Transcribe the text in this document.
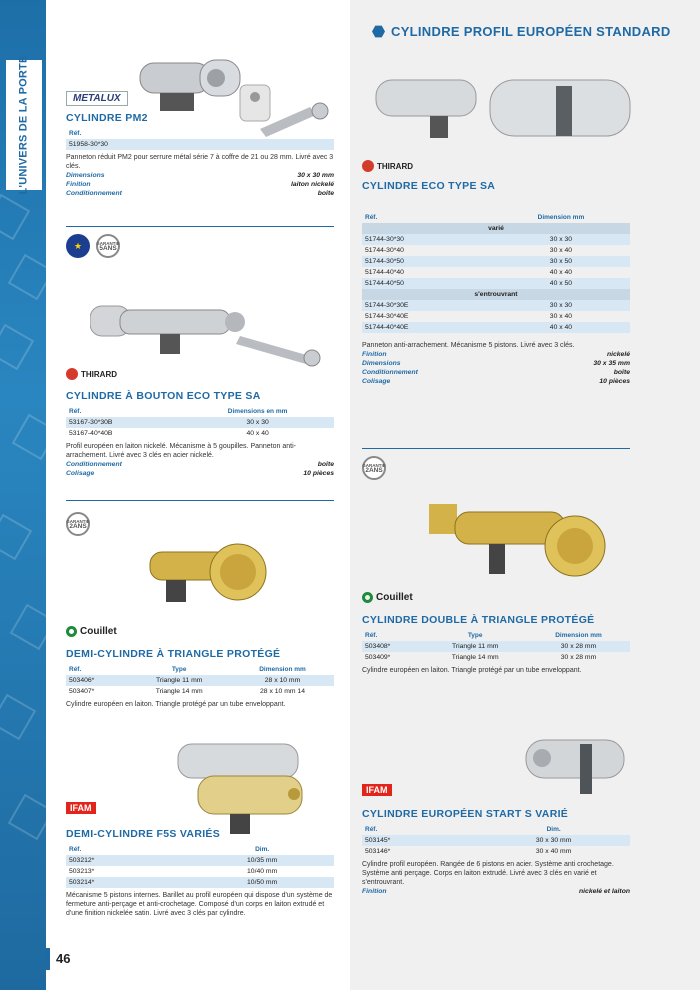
L'UNIVERS DE LA PORTE
46
CYLINDRE PROFIL EUROPÉEN STANDARD
METALUX
CYLINDRE PM2
Réf.
51958-30*30
Panneton réduit PM2 pour serrure métal série 7 à coffre de 21 ou 28 mm. Livré avec 3 clés.
Dimensions	30 x 30 mm
Finition	laiton nickelé
Conditionnement	boîte
★	GARANTIE
5ANS
THIRARD
CYLINDRE À BOUTON ECO TYPE SA
Réf.	Dimensions en mm
53167-30*30B	30 x 30
53167-40*40B	40 x 40
Profil européen en laiton nickelé. Mécanisme à 5 goupilles. Panneton anti-arrachement. Livré avec 3 clés en acier nickelé.
Conditionnement	boîte
Colisage	10 pièces
GARANTIE
2ANS
Couillet
DEMI-CYLINDRE À TRIANGLE PROTÉGÉ
Réf.	Type	Dimension mm
503406*	Triangle 11 mm	28 x 10 mm
503407*	Triangle 14 mm	28 x 10 mm 14
Cylindre européen en laiton. Triangle protégé par un tube enveloppant.
IFAM
DEMI-CYLINDRE F5S VARIÉS
Réf.	Dim.
503212*	10/35 mm
503213*	10/40 mm
503214*	10/50 mm
Mécanisme 5 pistons internes. Barillet au profil européen qui dispose d'un système de fermeture anti-perçage et anti-crochetage. Composé d'un corps en laiton extrudé et d'une finition nickelée satin. Livré avec 3 clés par cylindre.
THIRARD
CYLINDRE ECO TYPE SA
Réf.	Dimension mm
varié	
51744-30*30	30 x 30
51744-30*40	30 x 40
51744-30*50	30 x 50
51744-40*40	40 x 40
51744-40*50	40 x 50
s'entrouvrant	
51744-30*30E	30 x 30
51744-30*40E	30 x 40
51744-40*40E	40 x 40
Panneton anti-arrachement. Mécanisme 5 pistons. Livré avec 3 clés.
Finition	nickelé
Dimensions	30 x 35 mm
Conditionnement	boîte
Colisage	10 pièces
GARANTIE
2ANS
Couillet
CYLINDRE DOUBLE À TRIANGLE PROTÉGÉ
Réf.	Type	Dimension mm
503408*	Triangle 11 mm	30 x 28 mm
503409*	Triangle 14 mm	30 x 28 mm
Cylindre européen en laiton. Triangle protégé par un tube enveloppant.
IFAM
CYLINDRE EUROPÉEN START S VARIÉ
Réf.	Dim.
503145*	30 x 30 mm
503146*	30 x 40 mm
Cylindre profil européen. Rangée de 6 pistons en acier. Système anti crochetage. Système anti perçage. Corps en laiton extrudé. Livré avec 3 clés en varié et s'entrouvrant.
Finition	nickelé et laiton
